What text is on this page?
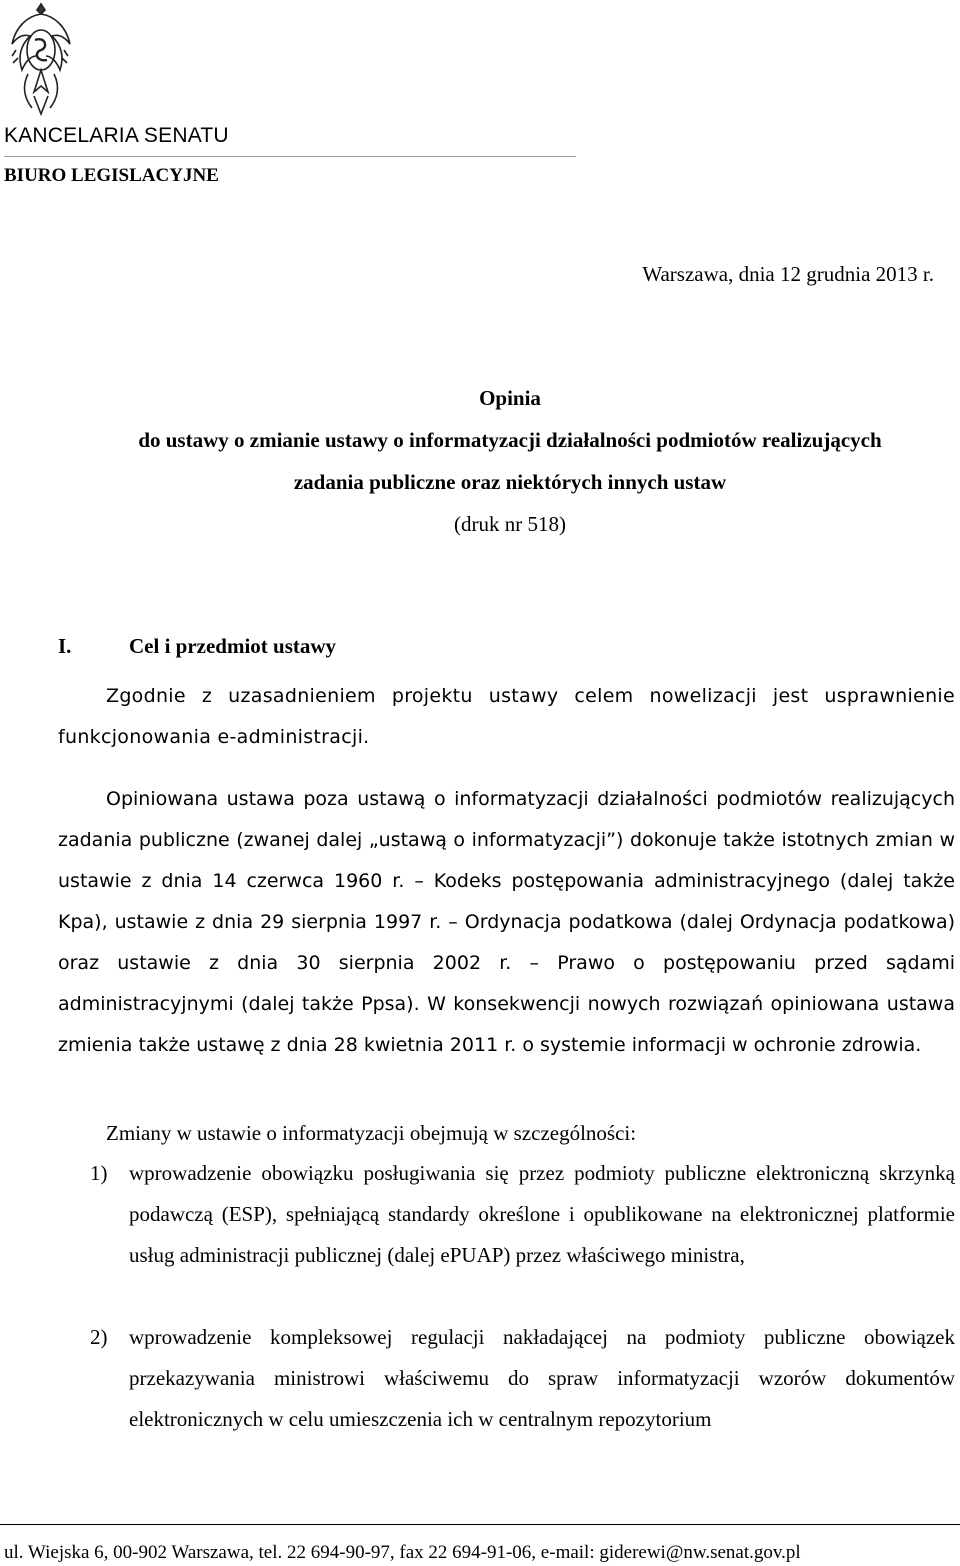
KANCELARIA SENATU
BIURO LEGISLACYJNE
Warszawa, dnia 12 grudnia 2013 r.
Opinia
do ustawy o zmianie ustawy o informatyzacji działalności podmiotów realizujących
zadania publiczne oraz niektórych innych ustaw
(druk nr 518)
I.	Cel i przedmiot ustawy

Zgodnie z uzasadnieniem projektu ustawy celem nowelizacji jest usprawnienie funkcjonowania e-administracji.

Opiniowana ustawa poza ustawą o informatyzacji działalności podmiotów realizujących zadania publiczne (zwanej dalej „ustawą o informatyzacji”) dokonuje także istotnych zmian w ustawie z dnia 14 czerwca 1960 r. – Kodeks postępowania administracyjnego (dalej także Kpa), ustawie z dnia 29 sierpnia 1997 r. – Ordynacja podatkowa (dalej Ordynacja podatkowa) oraz ustawie z dnia 30 sierpnia 2002 r. – Prawo o postępowaniu przed sądami administracyjnymi (dalej także Ppsa). W konsekwencji nowych rozwiązań opiniowana ustawa zmienia także ustawę z dnia 28 kwietnia 2011 r. o systemie informacji w ochronie zdrowia.

Zmiany w ustawie o informatyzacji obejmują w szczególności:

1) wprowadzenie obowiązku posługiwania się przez podmioty publiczne elektroniczną skrzynką podawczą (ESP), spełniającą standardy określone i opublikowane na elektronicznej platformie usług administracji publicznej (dalej ePUAP) przez właściwego ministra,
2) wprowadzenie kompleksowej regulacji nakładającej na podmioty publiczne obowiązek przekazywania ministrowi właściwemu do spraw informatyzacji wzorów dokumentów elektronicznych w celu umieszczenia ich w centralnym repozytorium
ul. Wiejska 6, 00-902 Warszawa, tel. 22 694-90-97, fax 22 694-91-06, e-mail: giderewi@nw.senat.gov.pl
